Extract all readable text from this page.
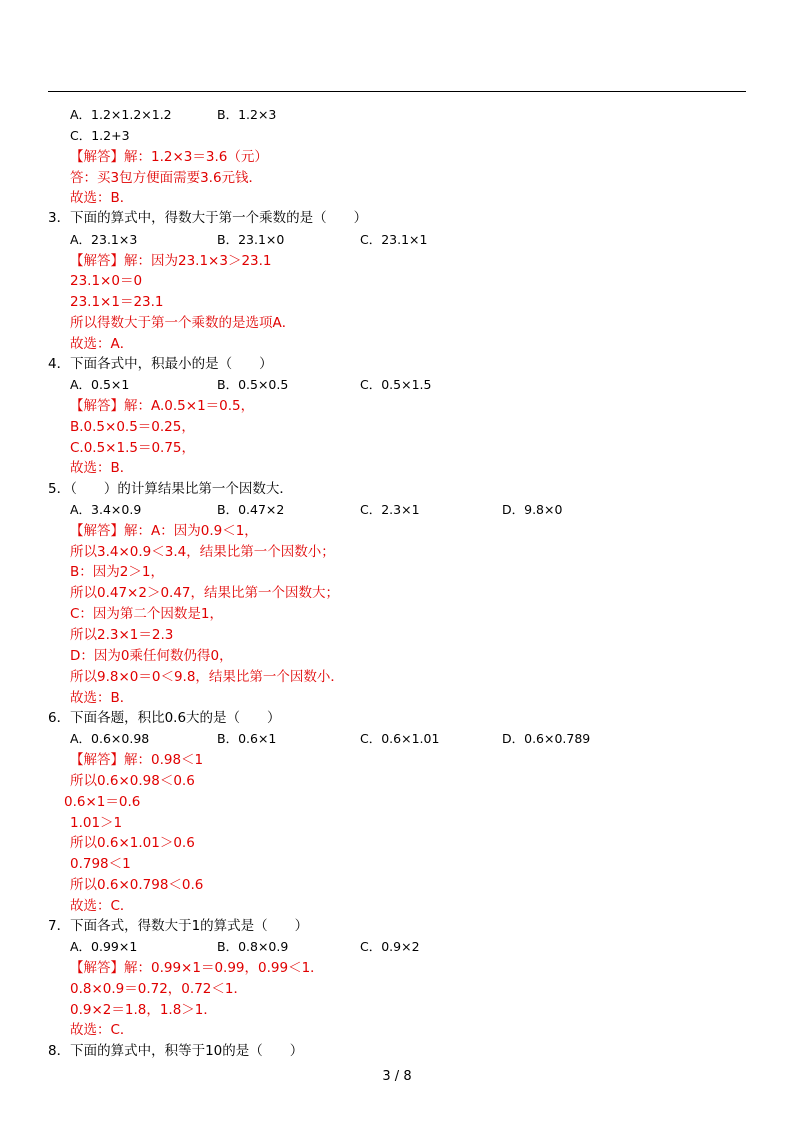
A．1.2×1.2×1.2	B．1.2×3
C．1.2+3
【解答】解：1.2×3＝3.6（元）
答：买3包方便面需要3.6元钱．
故选：B．
3．下面的算式中，得数大于第一个乘数的是（　　）
A．23.1×3	B．23.1×0	C．23.1×1
【解答】解：因为23.1×3＞23.1
23.1×0＝0
23.1×1＝23.1
所以得数大于第一个乘数的是选项A．
故选：A．
4．下面各式中，积最小的是（　　）
A．0.5×1	B．0.5×0.5	C．0.5×1.5
【解答】解：A.0.5×1＝0.5，
B.0.5×0.5＝0.25，
C.0.5×1.5＝0.75，
故选：B．
5．（　　）的计算结果比第一个因数大．
A．3.4×0.9	B．0.47×2	C．2.3×1	D．9.8×0
【解答】解：A：因为0.9＜1，
所以3.4×0.9＜3.4，结果比第一个因数小；
B：因为2＞1，
所以0.47×2＞0.47，结果比第一个因数大；
C：因为第二个因数是1，
所以2.3×1＝2.3
D：因为0乘任何数仍得0，
所以9.8×0＝0＜9.8，结果比第一个因数小．
故选：B．
6．下面各题，积比0.6大的是（　　）
A．0.6×0.98	B．0.6×1	C．0.6×1.01	D．0.6×0.789
【解答】解：0.98＜1
所以0.6×0.98＜0.6
0.6×1＝0.6
1.01＞1
所以0.6×1.01＞0.6
0.798＜1
所以0.6×0.798＜0.6
故选：C．
7．下面各式，得数大于1的算式是（　　）
A．0.99×1	B．0.8×0.9	C．0.9×2
【解答】解：0.99×1＝0.99，0.99＜1．
0.8×0.9＝0.72，0.72＜1．
0.9×2＝1.8，1.8＞1．
故选：C．
8．下面的算式中，积等于10的是（　　）
3 / 8
